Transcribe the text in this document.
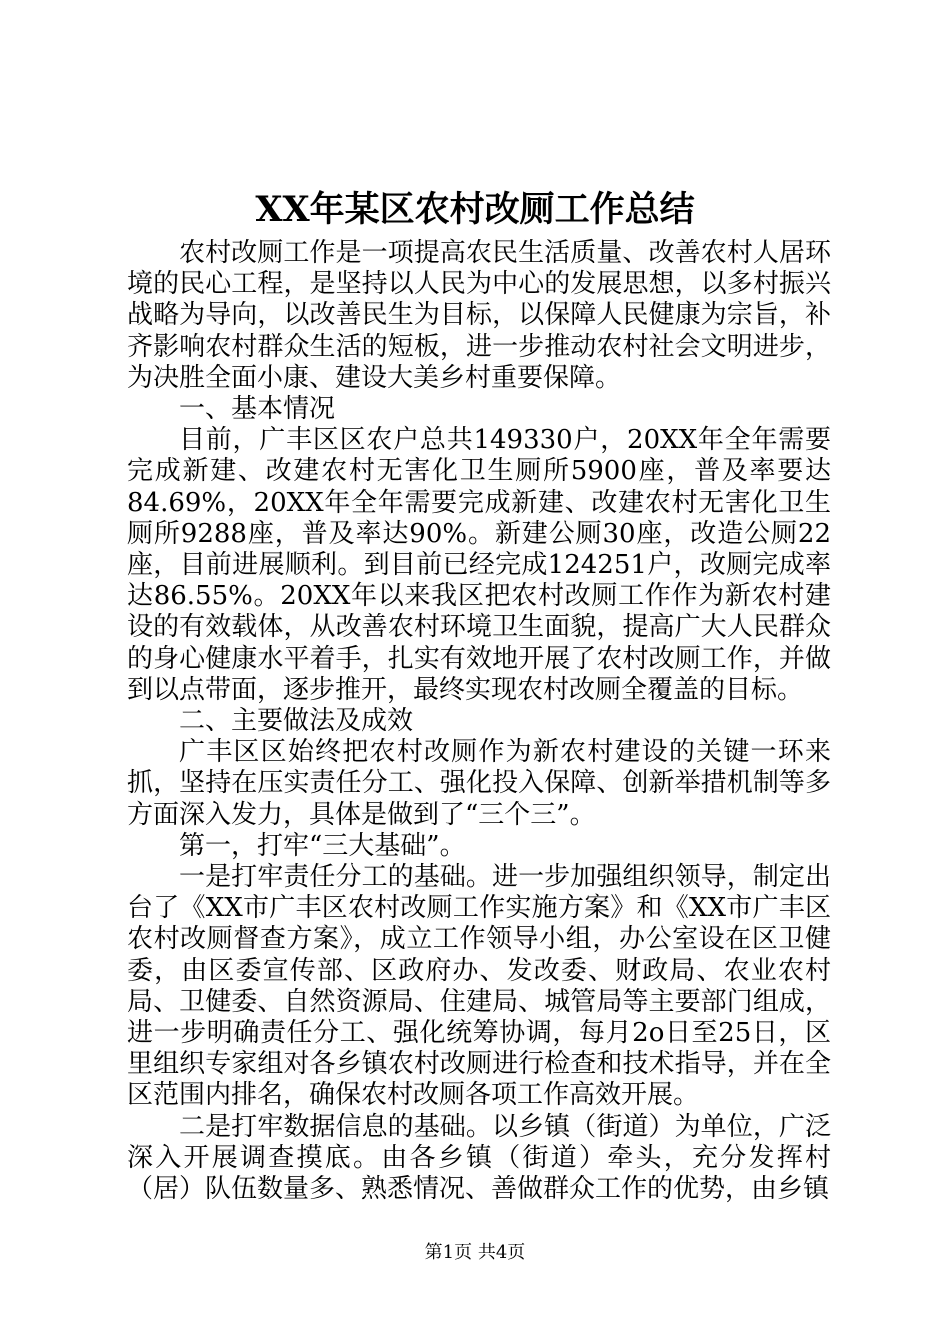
XX年某区农村改厕工作总结

农村改厕工作是一项提高农民生活质量、改善农村人居环境的民心工程，是坚持以人民为中心的发展思想，以多村振兴战略为导向，以改善民生为目标，以保障人民健康为宗旨，补齐影响农村群众生活的短板，进一步推动农村社会文明进步，为决胜全面小康、建设大美乡村重要保障。

一、基本情况

目前，广丰区区农户总共149330户，20XX年全年需要完成新建、改建农村无害化卫生厕所5900座，普及率要达84.69%，20XX年全年需要完成新建、改建农村无害化卫生厕所9288座，普及率达90%。新建公厕30座，改造公厕22座，目前进展顺利。到目前已经完成124251户，改厕完成率达86.55%。20XX年以来我区把农村改厕工作作为新农村建设的有效载体，从改善农村环境卫生面貌，提高广大人民群众的身心健康水平着手，扎实有效地开展了农村改厕工作，并做到以点带面，逐步推开，最终实现农村改厕全覆盖的目标。

二、主要做法及成效

广丰区区始终把农村改厕作为新农村建设的关键一环来抓，坚持在压实责任分工、强化投入保障、创新举措机制等多方面深入发力，具体是做到了“三个三”。

第一，打牢“三大基础”。

一是打牢责任分工的基础。进一步加强组织领导，制定出台了《XX市广丰区农村改厕工作实施方案》和《XX市广丰区农村改厕督查方案》，成立工作领导小组，办公室设在区卫健委，由区委宣传部、区政府办、发改委、财政局、农业农村局、卫健委、自然资源局、住建局、城管局等主要部门组成，进一步明确责任分工、强化统筹协调，每月2o日至25日，区里组织专家组对各乡镇农村改厕进行检查和技术指导，并在全区范围内排名，确保农村改厕各项工作高效开展。

二是打牢数据信息的基础。以乡镇（街道）为单位，广泛深入开展调查摸底。由各乡镇（街道）牵头，充分发挥村（居）队伍数量多、熟悉情况、善做群众工作的优势，由乡镇

第1页 共4页
